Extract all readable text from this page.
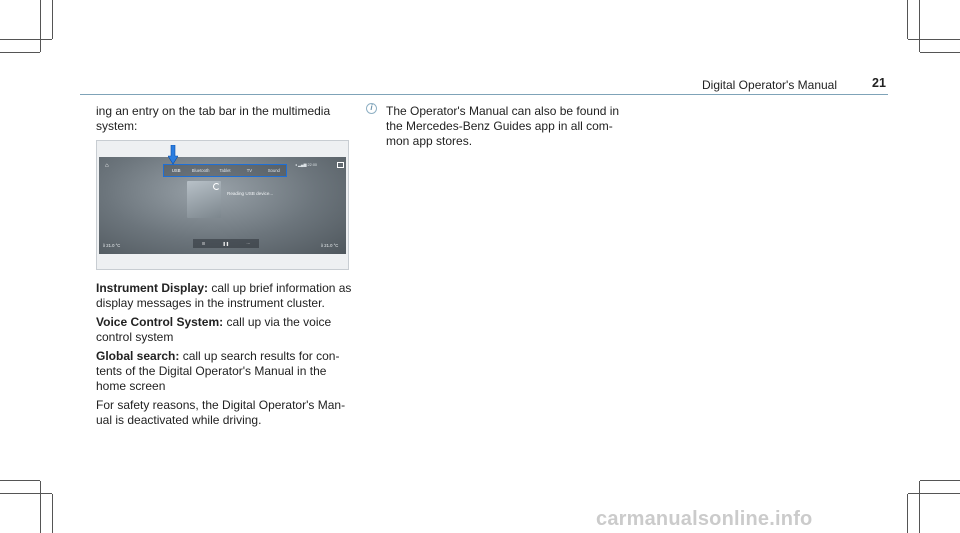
Digital Operator's Manual	21
ing an entry on the tab bar in the multimedia
system:
⌂	◂ ▂▄▆ 22:00
USB	Bluetooth	Tablet	TV	Sound
Reading USB device...
☰	❚❚	···
ƛ 21.0 °C	ƛ 21.0 °C

Instrument Display: call up brief information as
display messages in the instrument cluster.

Voice Control System: call up via the voice
control system

Global search: call up search results for con-
tents of the Digital Operator's Manual in the
home screen

For safety reasons, the Digital Operator's Man-
ual is deactivated while driving.

i	The Operator's Manual can also be found in
the Mercedes-Benz Guides app in all com-
mon app stores.
carmanualsonline.info
